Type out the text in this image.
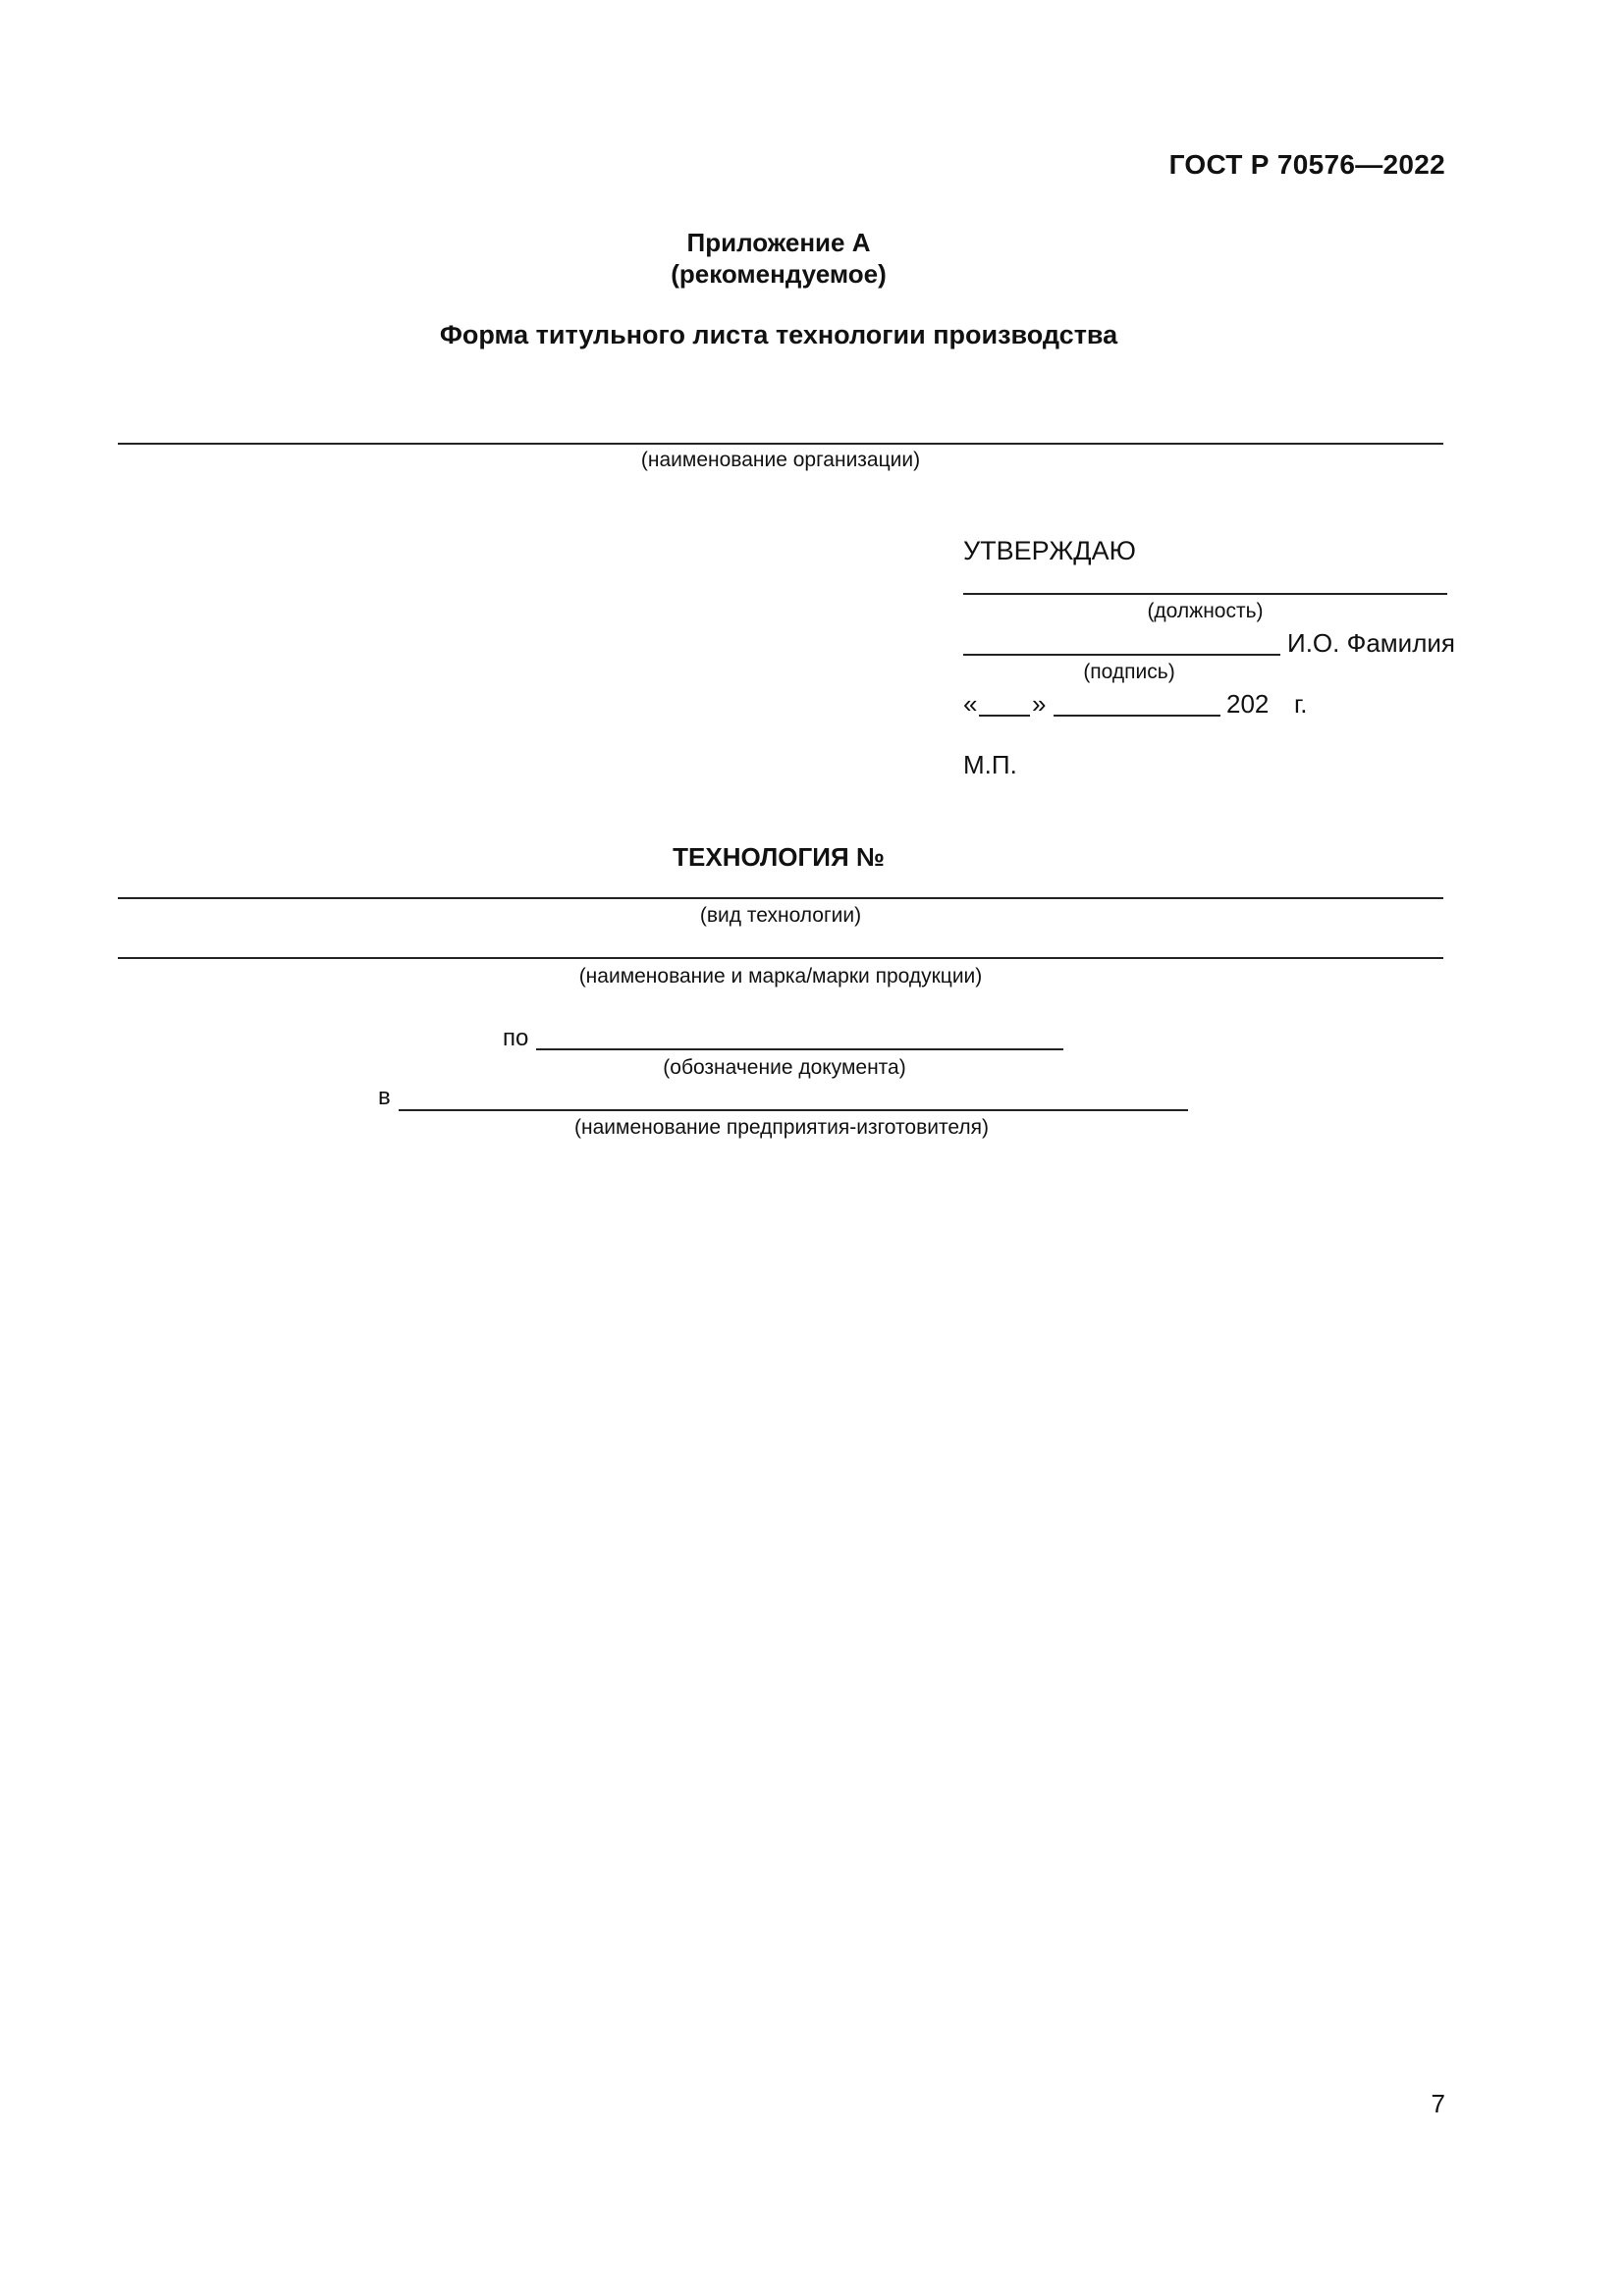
ГОСТ Р 70576—2022
Приложение А
(рекомендуемое)
Форма титульного листа технологии производства
(наименование организации)
УТВЕРЖДАЮ
(должность)
И.О. Фамилия
(подпись)
« »	202 г.
М.П.
ТЕХНОЛОГИЯ №
(вид технологии)
(наименование и марка/марки продукции)
по
(обозначение документа)
в
(наименование предприятия-изготовителя)
7
